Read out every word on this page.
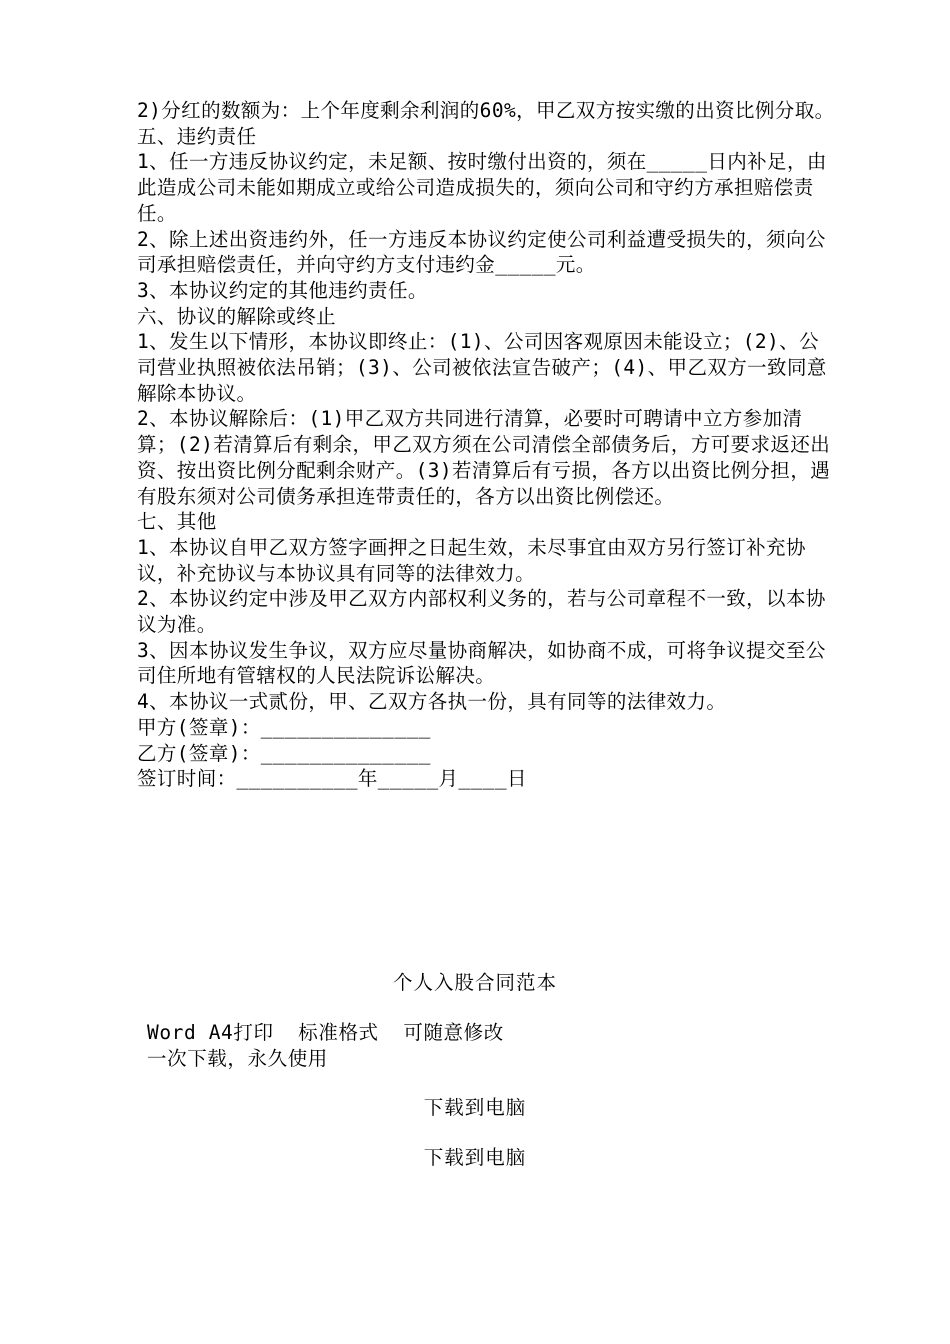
2)分红的数额为：上个年度剩余利润的60%，甲乙双方按实缴的出资比例分取。

五、违约责任

1、任一方违反协议约定，未足额、按时缴付出资的，须在_____日内补足，由此造成公司未能如期成立或给公司造成损失的，须向公司和守约方承担赔偿责任。

2、除上述出资违约外，任一方违反本协议约定使公司利益遭受损失的，须向公司承担赔偿责任，并向守约方支付违约金_____元。

3、本协议约定的其他违约责任。

六、协议的解除或终止

1、发生以下情形，本协议即终止：(1)、公司因客观原因未能设立；(2)、公司营业执照被依法吊销；(3)、公司被依法宣告破产；(4)、甲乙双方一致同意解除本协议。

2、本协议解除后：(1)甲乙双方共同进行清算，必要时可聘请中立方参加清算；(2)若清算后有剩余，甲乙双方须在公司清偿全部债务后，方可要求返还出资、按出资比例分配剩余财产。(3)若清算后有亏损，各方以出资比例分担，遇有股东须对公司债务承担连带责任的，各方以出资比例偿还。

七、其他

1、本协议自甲乙双方签字画押之日起生效，未尽事宜由双方另行签订补充协议，补充协议与本协议具有同等的法律效力。

2、本协议约定中涉及甲乙双方内部权利义务的，若与公司章程不一致，以本协议为准。

3、因本协议发生争议，双方应尽量协商解决，如协商不成，可将争议提交至公司住所地有管辖权的人民法院诉讼解决。

4、本协议一式贰份，甲、乙双方各执一份，具有同等的法律效力。

甲方(签章)：______________

乙方(签章)：______________

签订时间：__________年_____月____日

个人入股合同范本
Word A4打印  标准格式  可随意修改
一次下载，永久使用
下载到电脑
下载到电脑
